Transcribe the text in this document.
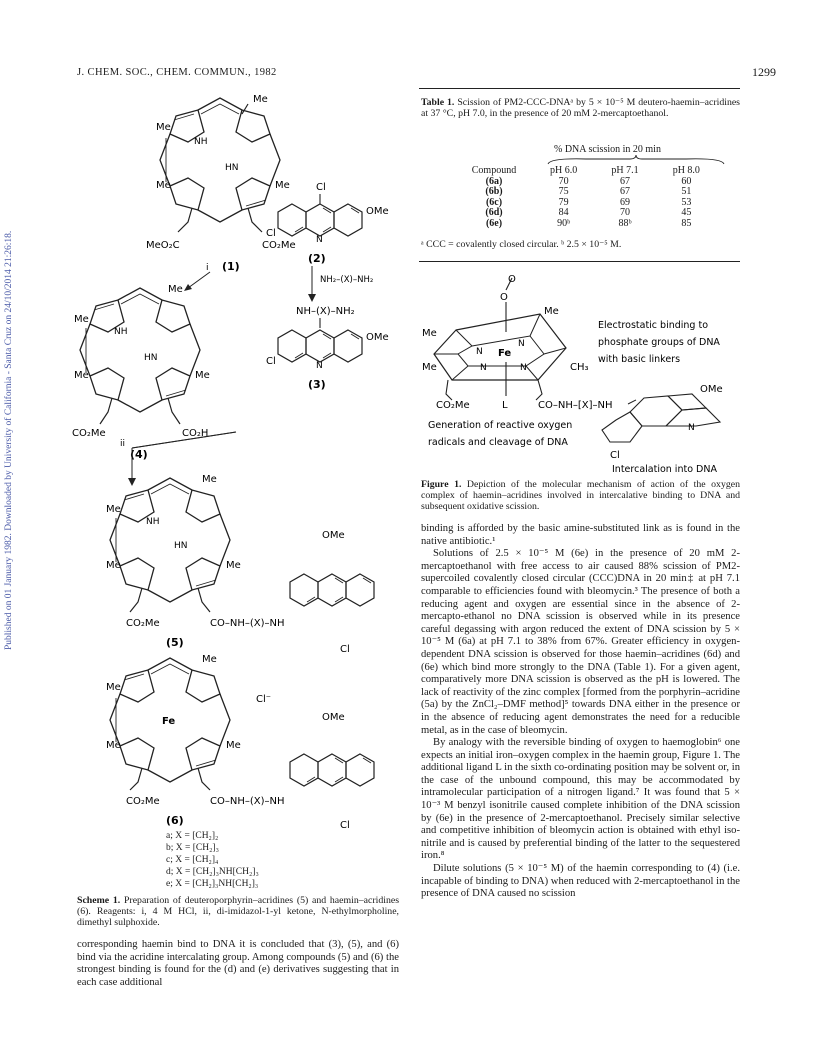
Published on 01 January 1982. Downloaded by University of California - Santa Cruz on 24/10/2014 21:26:18.
J. CHEM. SOC., CHEM. COMMUN., 1982	1299
Me
Me
Me	Me
NH
HN
MeO₂C	CO₂Me
(1)
i
Me
Me
Me	Me
NH
HN
CO₂Me	CO₂H
(4)
Cl
OMe
Cl
N
(2)
NH₂–(X)–NH₂
NH–(X)–NH₂
OMe
Cl	N
(3)
ii
Me
Me
Me	Me
NH
HN
CO₂Me	CO–NH–(X)–NH
OMe
Cl
(5)
Me
Me
Me	Me
Fe
Cl⁻
CO₂Me	CO–NH–(X)–NH
OMe
Cl
(6)
a; X = [CH₂]₂
b; X = [CH₂]₃
c; X = [CH₂]₄
d; X = [CH₂]₃NH[CH₂]₃
e; X = [CH₂]₃NH[CH₂]₃
Scheme 1. Preparation of deuteroporphyrin–acridines (5) and haemin–acridines (6). Reagents: i, 4 M HCl, ii, di-imidazol-1-yl ketone, N-ethylmorpholine, dimethyl sulphoxide.

corresponding haemin bind to DNA it is concluded that (3), (5), and (6) bind via the acridine intercalating group. Among compounds (5) and (6) the strongest binding is found for the (d) and (e) derivatives suggesting that in each case additional

Table 1. Scission of PM2-CCC-DNAᵃ by 5 × 10⁻⁵ M deutero-haemin–acridines at 37 °C, pH 7.0, in the presence of 20 mM 2-mercaptoethanol.
% DNA scission in 20 min
Compound	pH 6.0	pH 7.1	pH 8.0
(6a)	70	67	60
(6b)	75	67	51
(6c)	79	69	53
(6d)	84	70	45
(6e)	90ᵇ	88ᵇ	85
ᵃ CCC = covalently closed circular. ᵇ 2.5 × 10⁻⁵ M.
O
O
Fe
N
N
N	N
Me
Me
Me	CH₃
L
CO₂Me	CO–NH–[X]–NH
OMe
N
Cl
Electrostatic binding to
phosphate groups of DNA
with basic linkers
Generation of reactive oxygen
radicals and cleavage of DNA
Intercalation into DNA
Figure 1. Depiction of the molecular mechanism of action of the oxygen complex of haemin–acridines involved in intercalative binding to DNA and subsequent oxidative scission.

binding is afforded by the basic amine-substituted link as is found in the native antibiotic.¹

Solutions of 2.5 × 10⁻⁵ M (6e) in the presence of 20 mM 2-mercaptoethanol with free access to air caused 88% scission of PM2-supercoiled covalently closed circular (CCC)DNA in 20 min‡ at pH 7.1 comparable to efficiencies found with bleomycin.³ The presence of both a reducing agent and oxygen are essential since in the absence of 2-mercapto-ethanol no DNA scission is observed while in its presence careful degassing with argon reduced the extent of DNA scission by 5 × 10⁻⁵ M (6a) at pH 7.1 to 38% from 67%. Greater efficiency in oxygen-dependent DNA scission is observed for those haemin–acridines (6d) and (6e) which bind more strongly to the DNA (Table 1). For a given agent, comparatively more DNA scission is observed as the pH is lowered. The lack of reactivity of the zinc complex [formed from the porphyrin–acridine (5a) by the ZnCl₂–DMF method]⁵ towards DNA either in the presence or in the absence of reducing agent demonstrates the need for a reducible metal, as in the case of bleomycin.

By analogy with the reversible binding of oxygen to haemoglobin⁶ one expects an initial iron–oxygen complex in the haemin group, Figure 1. The additional ligand L in the sixth co-ordinating position may be solvent or, in the case of the unbound compound, this may be accommodated by intramolecular participation of a nitrogen ligand.⁷ It was found that 5 × 10⁻³ M benzyl isonitrile caused complete inhibition of the DNA scission by (6e) in the presence of 2-mercaptoethanol. Precisely similar selective and competitive inhibition of bleomycin action is obtained with ethyl iso-nitrile and is caused by preferential binding of the latter to the sequestered iron.⁸

Dilute solutions (5 × 10⁻⁵ M) of the haemin corresponding to (4) (i.e. incapable of binding to DNA) when reduced with 2-mercaptoethanol in the presence of DNA caused no scission
